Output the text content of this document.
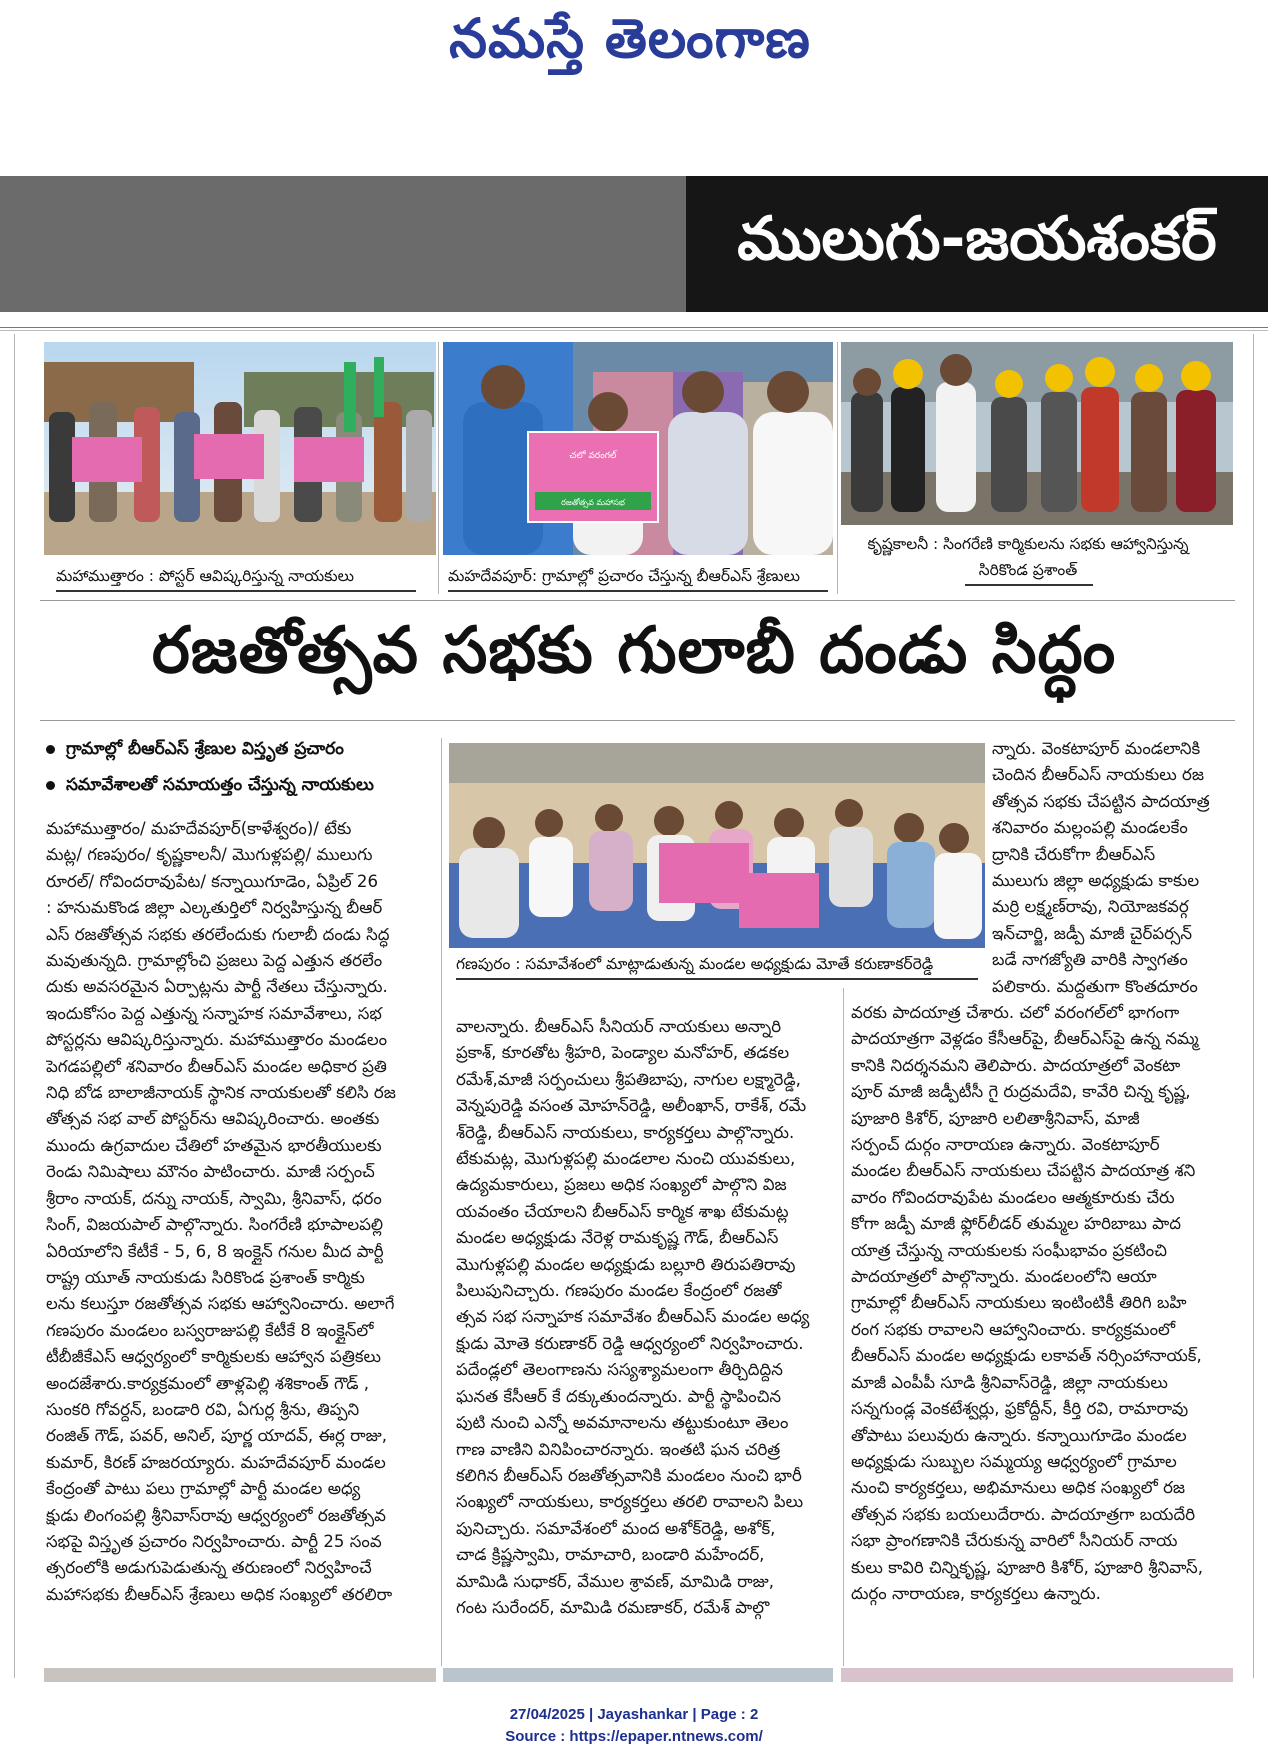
నమస్తే తెలంగాణ
ములుగు-జయశంకర్
చలో వరంగల్
రజతోత్సవ మహాసభ
మహాముత్తారం : పోస్టర్ ఆవిష్కరిస్తున్న నాయకులు	మహదేవపూర్: గ్రామాల్లో ప్రచారం చేస్తున్న బీఆర్ఎస్ శ్రేణులు
కృష్ణకాలనీ : సింగరేణి కార్మికులను సభకు ఆహ్వానిస్తున్న
సిరికొండ ప్రశాంత్
రజతోత్సవ సభకు గులాబీ దండు సిద్ధం
గ్రామాల్లో బీఆర్ఎస్ శ్రేణుల విస్తృత ప్రచారం
సమావేశాలతో సమాయత్తం చేస్తున్న నాయకులు
గణపురం : సమావేశంలో మాట్లాడుతున్న మండల అధ్యక్షుడు మోతే కరుణాకర్‌రెడ్డి
మహాముత్తారం/ మహదేవపూర్(కాళేశ్వరం)/ టేకు
మట్ల/ గణపురం/ కృష్ణకాలనీ/ మొగుళ్లపల్లి/ ములుగు
రూరల్/ గోవిందరావుపేట/ కన్నాయిగూడెం, ఏప్రిల్ 26
: హనుమకొండ జిల్లా ఎల్కతుర్తిలో నిర్వహిస్తున్న బీఆర్
ఎస్ రజతోత్సవ సభకు తరలేందుకు గులాబీ దండు సిద్ధ
మవుతున్నది. గ్రామాల్లోంచి ప్రజలు పెద్ద ఎత్తున తరలేం
దుకు అవసరమైన ఏర్పాట్లను పార్టీ నేతలు చేస్తున్నారు.
ఇందుకోసం పెద్ద ఎత్తున్న సన్నాహక సమావేశాలు, సభ
పోస్టర్లను ఆవిష్కరిస్తున్నారు. మహాముత్తారం మండలం
పెగడపల్లిలో శనివారం బీఆర్ఎస్ మండల అధికార ప్రతి
నిధి బోడ బాలాజీనాయక్ స్థానిక నాయకులతో కలిసి రజ
తోత్సవ సభ వాల్ పోస్టర్‌ను ఆవిష్కరించారు. అంతకు
ముందు ఉగ్రవాదుల చేతిలో హతమైన భారతీయులకు
రెండు నిమిషాలు మౌనం పాటించారు. మాజీ సర్పంచ్
శ్రీరాం నాయక్, దన్ను నాయక్, స్వామి, శ్రీనివాస్, ధరం
సింగ్, విజయపాల్ పాల్గొన్నారు. సింగరేణి భూపాలపల్లి
ఏరియాలోని కేటీకే - 5, 6, 8 ఇంక్లైన్ గనుల మీద పార్టీ
రాష్ట్ర యూత్ నాయకుడు సిరికొండ ప్రశాంత్ కార్మికు
లను కలుస్తూ రజతోత్సవ సభకు ఆహ్వానించారు. అలాగే
గణపురం మండలం బస్వరాజుపల్లి కేటీకే 8 ఇంక్లైన్‌లో
టీబీజీకేఎస్ ఆధ్వర్యంలో కార్మికులకు ఆహ్వాన పత్రికలు
అందజేశారు.కార్యక్రమంలో తాళ్లపెల్లి శశికాంత్ గౌడ్ ,
సుంకరి గోవర్దన్, బండారి రవి, ఏగుర్ల శ్రీను, తిప్పని
రంజిత్ గౌడ్, పవర్, అనిల్, పూర్ణ యాదవ్, ఈర్ల రాజు,
కుమార్, కిరణ్ హజరయ్యారు. మహదేవపూర్ మండల
కేంద్రంతో పాటు పలు గ్రామాల్లో పార్టీ మండల అధ్య
క్షుడు లింగంపల్లి శ్రీనివాస్‌రావు ఆధ్వర్యంలో రజతోత్సవ
సభపై విస్తృత ప్రచారం నిర్వహించారు. పార్టీ 25 సంవ
త్సరంలోకి అడుగుపెడుతున్న తరుణంలో నిర్వహించే
మహాసభకు బీఆర్ఎస్ శ్రేణులు అధిక సంఖ్యలో తరలిరా
వాలన్నారు. బీఆర్ఎస్ సీనియర్ నాయకులు అన్నారి
ప్రకాశ్, కూరతోట శ్రీహరి, పెండ్యాల మనోహర్, తడకల
రమేశ్,మాజీ సర్పంచులు శ్రీపతిబాపు, నాగుల లక్ష్మారెడ్డి,
వెన్నపురెడ్డి వసంత మోహన్‌రెడ్డి, అలీంఖాన్, రాకేశ్, రమే
శ్‌రెడ్డి, బీఆర్ఎస్ నాయకులు, కార్యకర్తలు పాల్గొన్నారు.
టేకుమట్ల, మొగుళ్లపల్లి మండలాల నుంచి యువకులు,
ఉద్యమకారులు, ప్రజలు అధిక సంఖ్యలో పాల్గొని విజ
యవంతం చేయాలని బీఆర్ఎస్ కార్మిక శాఖ టేకుమట్ల
మండల అధ్యక్షుడు నేరెళ్ల రామకృష్ణ గౌడ్, బీఆర్ఎస్
మొగుళ్లపల్లి మండల అధ్యక్షుడు బల్లూరి తిరుపతిరావు
పిలుపునిచ్చారు. గణపురం మండల కేంద్రంలో రజతో
త్సవ సభ సన్నాహక సమావేశం బీఆర్ఎస్ మండల అధ్య
క్షుడు మోతె కరుణాకర్ రెడ్డి ఆధ్వర్యంలో నిర్వహించారు.
పదేండ్లలో తెలంగాణను సస్యశ్యామలంగా తీర్చిదిద్దిన
ఘనత కేసీఆర్ కే దక్కుతుందన్నారు. పార్టీ స్థాపించిన
పుటి నుంచి ఎన్నో అవమానాలను తట్టుకుంటూ తెలం
గాణ వాణిని వినిపించారన్నారు. ఇంతటి ఘన చరిత్ర
కలిగిన బీఆర్ఎస్ రజతోత్సవానికి మండలం నుంచి భారీ
సంఖ్యలో నాయకులు, కార్యకర్తలు తరలి రావాలని పిలు
పునిచ్చారు. సమావేశంలో మంద అశోక్‌రెడ్డి, అశోక్,
చాడ క్రిష్ణస్వామి, రామాచారి, బండారి మహేందర్,
మామిడి సుధాకర్, వేముల శ్రావణ్, మామిడి రాజు,
గంట సురేందర్, మామిడి రమణాకర్, రమేశ్ పాల్గొ
న్నారు. వెంకటాపూర్ మండలానికి
చెందిన బీఆర్ఎస్ నాయకులు రజ
తోత్సవ సభకు చేపట్టిన పాదయాత్ర
శనివారం మల్లంపల్లి మండలకేం
ద్రానికి చేరుకోగా బీఆర్ఎస్
ములుగు జిల్లా అధ్యక్షుడు కాకుల
మర్రి లక్ష్మణ్‌రావు, నియోజకవర్గ
ఇన్‌చార్జి, జడ్పీ మాజీ చైర్‌పర్సన్
బడే నాగజ్యోతి వారికి స్వాగతం
పలికారు. మద్దతుగా కొంతదూరం
వరకు పాదయాత్ర చేశారు. చలో వరంగల్‌లో భాగంగా
పాదయాత్రగా వెళ్లడం కేసీఆర్‌పై, బీఆర్ఎస్‌పై ఉన్న నమ్మ
కానికి నిదర్శనమని తెలిపారు. పాదయాత్రలో వెంకటా
పూర్ మాజీ జడ్పీటీసీ గై రుద్రమదేవి, కావేరి చిన్న కృష్ణ,
పూజారి కిశోర్, పూజారి లలితాశ్రీనివాస్, మాజీ
సర్పంచ్ దుర్గం నారాయణ ఉన్నారు. వెంకటాపూర్
మండల బీఆర్ఎస్ నాయకులు చేపట్టిన పాదయాత్ర శని
వారం గోవిందరావుపేట మండలం ఆత్మకూరుకు చేరు
కోగా జడ్పీ మాజీ ఫ్లోర్‌లీడర్ తుమ్మల హరిబాబు పాద
యాత్ర చేస్తున్న నాయకులకు సంఘీభావం ప్రకటించి
పాదయాత్రలో పాల్గొన్నారు. మండలంలోని ఆయా
గ్రామాల్లో బీఆర్ఎస్ నాయకులు ఇంటింటికీ తిరిగి బహి
రంగ సభకు రావాలని ఆహ్వానించారు. కార్యక్రమంలో
బీఆర్ఎస్ మండల అధ్యక్షుడు లకావత్ నర్సింహానాయక్,
మాజీ ఎంపీపీ సూడి శ్రీనివాస్‌రెడ్డి, జిల్లా నాయకులు
సన్నగుండ్ల వెంకటేశ్వర్లు, ఫ్రకోద్దీన్, కీర్తి రవి, రామారావు
తోపాటు పలువురు ఉన్నారు. కన్నాయిగూడెం మండల
అధ్యక్షుడు సుబ్బుల సమ్మయ్య ఆధ్వర్యంలో గ్రామాల
నుంచి కార్యకర్తలు, అభిమానులు అధిక సంఖ్యలో రజ
తోత్సవ సభకు బయలుదేరారు. పాదయాత్రగా బయదేరి
సభా ప్రాంగణానికి చేరుకున్న వారిలో సీనియర్ నాయ
కులు కావిరి చిన్నికృష్ణ, పూజారి కిశోర్, పూజారి శ్రీనివాస్,
దుర్గం నారాయణ, కార్యకర్తలు ఉన్నారు.
27/04/2025 | Jayashankar | Page : 2
Source : https://epaper.ntnews.com/
